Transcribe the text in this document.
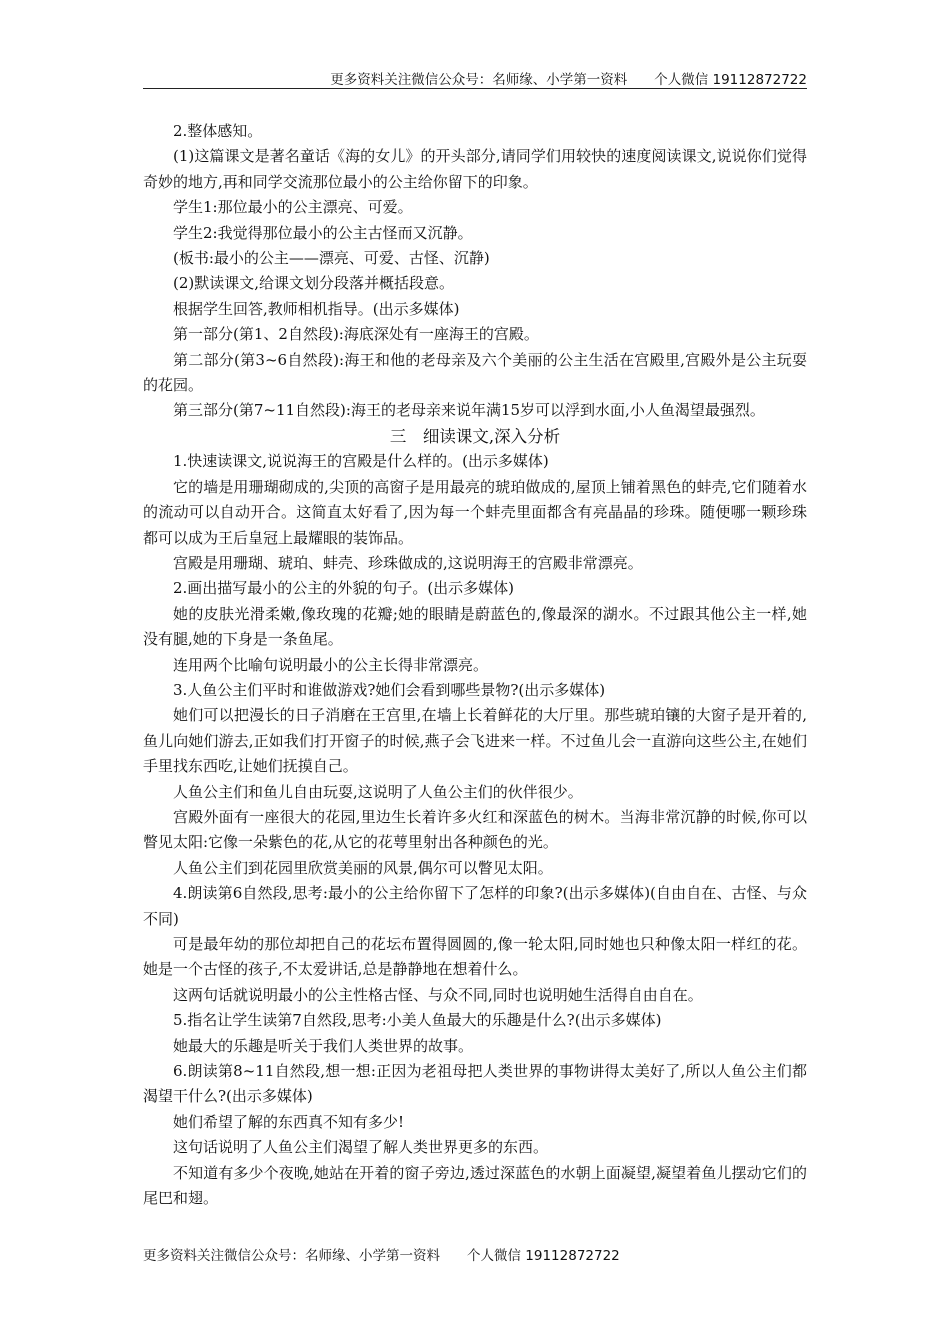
更多资料关注微信公众号：名师缘、小学第一资料　　个人微信 19112872722

2.整体感知。

(1)这篇课文是著名童话《海的女儿》的开头部分,请同学们用较快的速度阅读课文,说说你们觉得奇妙的地方,再和同学交流那位最小的公主给你留下的印象。

学生1:那位最小的公主漂亮、可爱。

学生2:我觉得那位最小的公主古怪而又沉静。

(板书:最小的公主——漂亮、可爱、古怪、沉静)

(2)默读课文,给课文划分段落并概括段意。

根据学生回答,教师相机指导。(出示多媒体)

第一部分(第1、2自然段):海底深处有一座海王的宫殿。

第二部分(第3~6自然段):海王和他的老母亲及六个美丽的公主生活在宫殿里,宫殿外是公主玩耍的花园。

第三部分(第7~11自然段):海王的老母亲来说年满15岁可以浮到水面,小人鱼渴望最强烈。

三　细读课文,深入分析

1.快速读课文,说说海王的宫殿是什么样的。(出示多媒体)

它的墙是用珊瑚砌成的,尖顶的高窗子是用最亮的琥珀做成的,屋顶上铺着黑色的蚌壳,它们随着水的流动可以自动开合。这简直太好看了,因为每一个蚌壳里面都含有亮晶晶的珍珠。随便哪一颗珍珠都可以成为王后皇冠上最耀眼的装饰品。

宫殿是用珊瑚、琥珀、蚌壳、珍珠做成的,这说明海王的宫殿非常漂亮。

2.画出描写最小的公主的外貌的句子。(出示多媒体)

她的皮肤光滑柔嫩,像玫瑰的花瓣;她的眼睛是蔚蓝色的,像最深的湖水。不过跟其他公主一样,她没有腿,她的下身是一条鱼尾。

连用两个比喻句说明最小的公主长得非常漂亮。

3.人鱼公主们平时和谁做游戏?她们会看到哪些景物?(出示多媒体)

她们可以把漫长的日子消磨在王宫里,在墙上长着鲜花的大厅里。那些琥珀镶的大窗子是开着的,鱼儿向她们游去,正如我们打开窗子的时候,燕子会飞进来一样。不过鱼儿会一直游向这些公主,在她们手里找东西吃,让她们抚摸自己。

人鱼公主们和鱼儿自由玩耍,这说明了人鱼公主们的伙伴很少。

宫殿外面有一座很大的花园,里边生长着许多火红和深蓝色的树木。当海非常沉静的时候,你可以瞥见太阳:它像一朵紫色的花,从它的花萼里射出各种颜色的光。

人鱼公主们到花园里欣赏美丽的风景,偶尔可以瞥见太阳。

4.朗读第6自然段,思考:最小的公主给你留下了怎样的印象?(出示多媒体)(自由自在、古怪、与众不同)

可是最年幼的那位却把自己的花坛布置得圆圆的,像一轮太阳,同时她也只种像太阳一样红的花。她是一个古怪的孩子,不太爱讲话,总是静静地在想着什么。

这两句话就说明最小的公主性格古怪、与众不同,同时也说明她生活得自由自在。

5.指名让学生读第7自然段,思考:小美人鱼最大的乐趣是什么?(出示多媒体)

她最大的乐趣是听关于我们人类世界的故事。

6.朗读第8~11自然段,想一想:正因为老祖母把人类世界的事物讲得太美好了,所以人鱼公主们都渴望干什么?(出示多媒体)

她们希望了解的东西真不知有多少!

这句话说明了人鱼公主们渴望了解人类世界更多的东西。

不知道有多少个夜晚,她站在开着的窗子旁边,透过深蓝色的水朝上面凝望,凝望着鱼儿摆动它们的尾巴和翅。

更多资料关注微信公众号：名师缘、小学第一资料　　个人微信 19112872722
